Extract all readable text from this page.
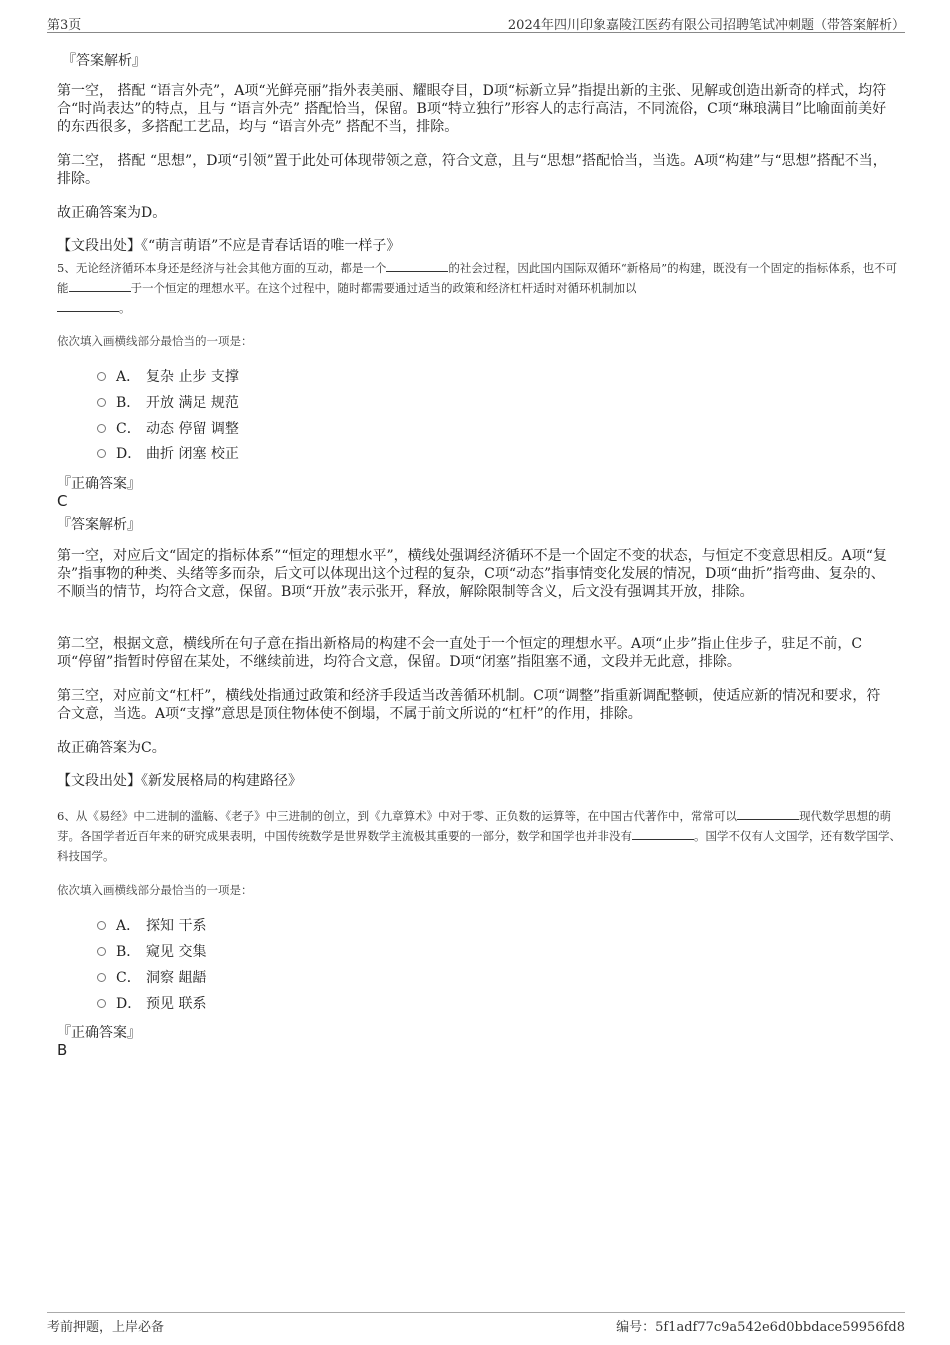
第3页	2024年四川印象嘉陵江医药有限公司招聘笔试冲刺题（带答案解析）
『答案解析』
第一空， 搭配 “语言外壳”，A项“光鲜亮丽”指外表美丽、耀眼夺目，D项“标新立异”指提出新的主张、见解或创造出新奇的样式，均符合“时尚表达”的特点，且与 “语言外壳” 搭配恰当，保留。B项“特立独行”形容人的志行高洁，不同流俗，C项“琳琅满目”比喻面前美好的东西很多，多搭配工艺品，均与 “语言外壳” 搭配不当，排除。
第二空， 搭配 “思想”，D项“引领”置于此处可体现带领之意，符合文意，且与“思想”搭配恰当，当选。A项“构建”与“思想”搭配不当，排除。
故正确答案为D。
【文段出处】《“萌言萌语”不应是青春话语的唯一样子》
5、无论经济循环本身还是经济与社会其他方面的互动，都是一个	的社会过程，因此国内国际双循环“新格局”的构建，既没有一个固定的指标体系，也不可能	于一个恒定的理想水平。在这个过程中，随时都需要通过适当的政策和经济杠杆适时对循环机制加以
。
依次填入画横线部分最恰当的一项是：
A． 复杂 止步 支撑
B． 开放 满足 规范
C． 动态 停留 调整
D． 曲折 闭塞 校正
『正确答案』
C
『答案解析』
第一空，对应后文“固定的指标体系”“恒定的理想水平”，横线处强调经济循环不是一个固定不变的状态，与恒定不变意思相反。A项“复杂”指事物的种类、头绪等多而杂，后文可以体现出这个过程的复杂，C项“动态”指事情变化发展的情况，D项“曲折”指弯曲、复杂的、不顺当的情节，均符合文意，保留。B项“开放”表示张开，释放，解除限制等含义，后文没有强调其开放，排除。
第二空，根据文意，横线所在句子意在指出新格局的构建不会一直处于一个恒定的理想水平。A项“止步”指止住步子，驻足不前，C项“停留”指暂时停留在某处，不继续前进，均符合文意，保留。D项“闭塞”指阻塞不通，文段并无此意，排除。
第三空，对应前文“杠杆”，横线处指通过政策和经济手段适当改善循环机制。C项“调整”指重新调配整顿，使适应新的情况和要求，符合文意，当选。A项“支撑”意思是顶住物体使不倒塌，不属于前文所说的“杠杆”的作用，排除。
故正确答案为C。
【文段出处】《新发展格局的构建路径》
6、从《易经》中二进制的滥觞、《老子》中三进制的创立，到《九章算术》中对于零、正负数的运算等，在中国古代著作中，常常可以	现代数学思想的萌芽。各国学者近百年来的研究成果表明，中国传统数学是世界数学主流极其重要的一部分，数学和国学也并非没有	。国学不仅有人文国学，还有数学国学、科技国学。
依次填入画横线部分最恰当的一项是：
A． 探知 干系
B． 窥见 交集
C． 洞察 龃龉
D． 预见 联系
『正确答案』
B
考前押题，上岸必备	编号：5f1adf77c9a542e6d0bbdace59956fd8
